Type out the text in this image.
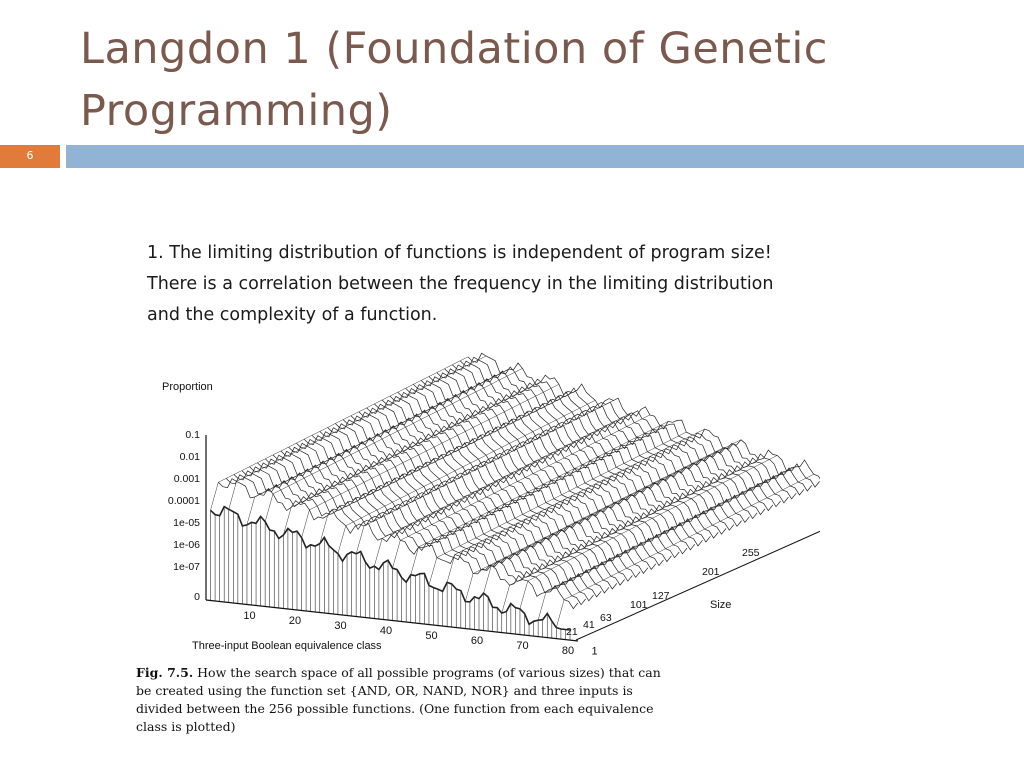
Langdon 1 (Foundation of Genetic Programming)
6

1. The limiting distribution of functions is independent of program size!

There is a correlation between the frequency in the limiting distribution

and the complexity of a function.

Proportion
0.1
0.01
0.001
0.0001
1e-05
1e-06
1e-07
0
1
10	20	30	40	50	60	70	80
21
41
63
101
127
201
255
Three-input Boolean equivalence class
Size
Fig. 7.5. How the search space of all possible programs (of various sizes) that can
be created using the function set {AND, OR, NAND, NOR} and three inputs is
divided between the 256 possible functions. (One function from each equivalence
class is plotted)
